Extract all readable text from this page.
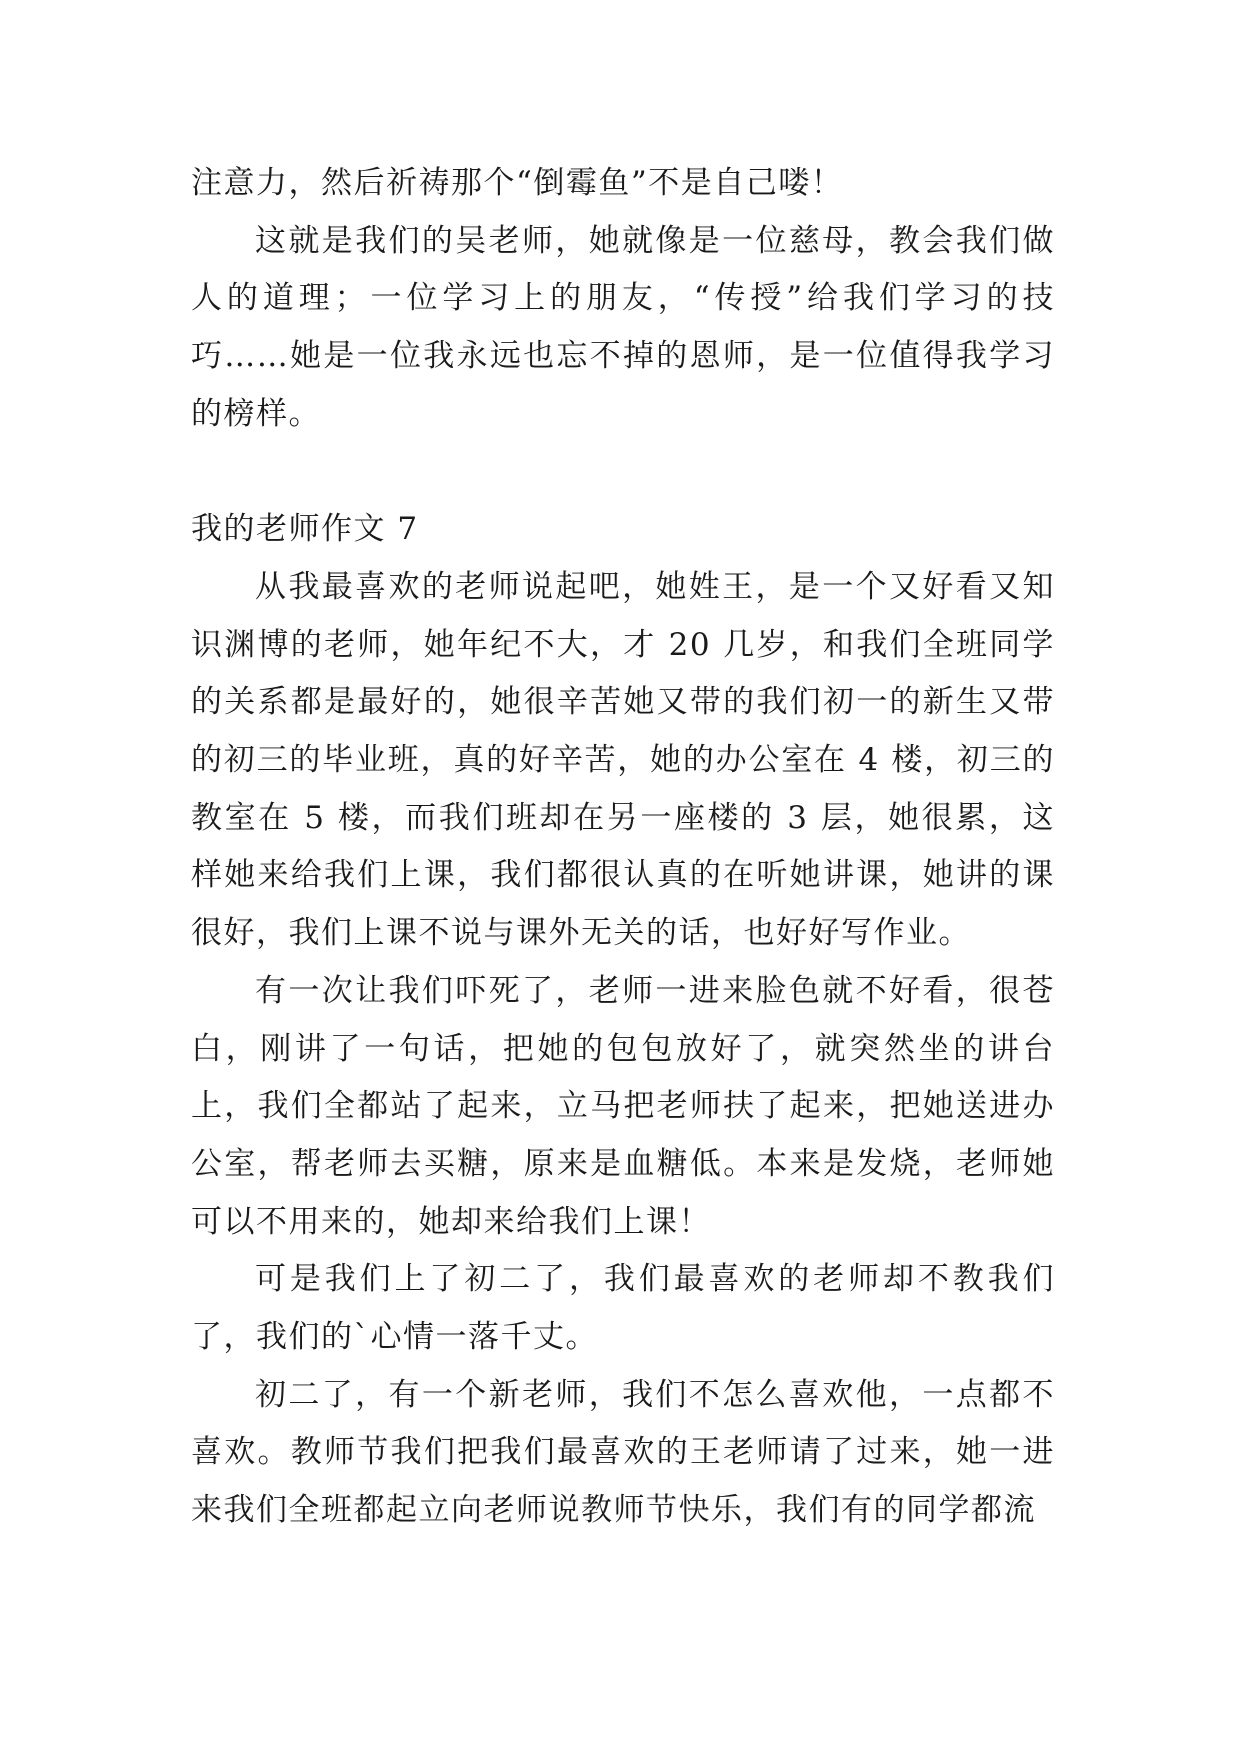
注意力，然后祈祷那个“倒霉鱼”不是自己喽！

这就是我们的吴老师，她就像是一位慈母，教会我们做人的道理；一位学习上的朋友，“传授”给我们学习的技巧……她是一位我永远也忘不掉的恩师，是一位值得我学习的榜样。

我的老师作文 7

从我最喜欢的老师说起吧，她姓王，是一个又好看又知识渊博的老师，她年纪不大，才 20 几岁，和我们全班同学的关系都是最好的，她很辛苦她又带的我们初一的新生又带的初三的毕业班，真的好辛苦，她的办公室在 4 楼，初三的教室在 5 楼，而我们班却在另一座楼的 3 层，她很累，这样她来给我们上课，我们都很认真的在听她讲课，她讲的课很好，我们上课不说与课外无关的话，也好好写作业。

有一次让我们吓死了，老师一进来脸色就不好看，很苍白，刚讲了一句话，把她的包包放好了，就突然坐的讲台上，我们全都站了起来，立马把老师扶了起来，把她送进办公室，帮老师去买糖，原来是血糖低。本来是发烧，老师她可以不用来的，她却来给我们上课！

可是我们上了初二了，我们最喜欢的老师却不教我们了，我们的`心情一落千丈。

初二了，有一个新老师，我们不怎么喜欢他，一点都不喜欢。教师节我们把我们最喜欢的王老师请了过来，她一进来我们全班都起立向老师说教师节快乐，我们有的同学都流
